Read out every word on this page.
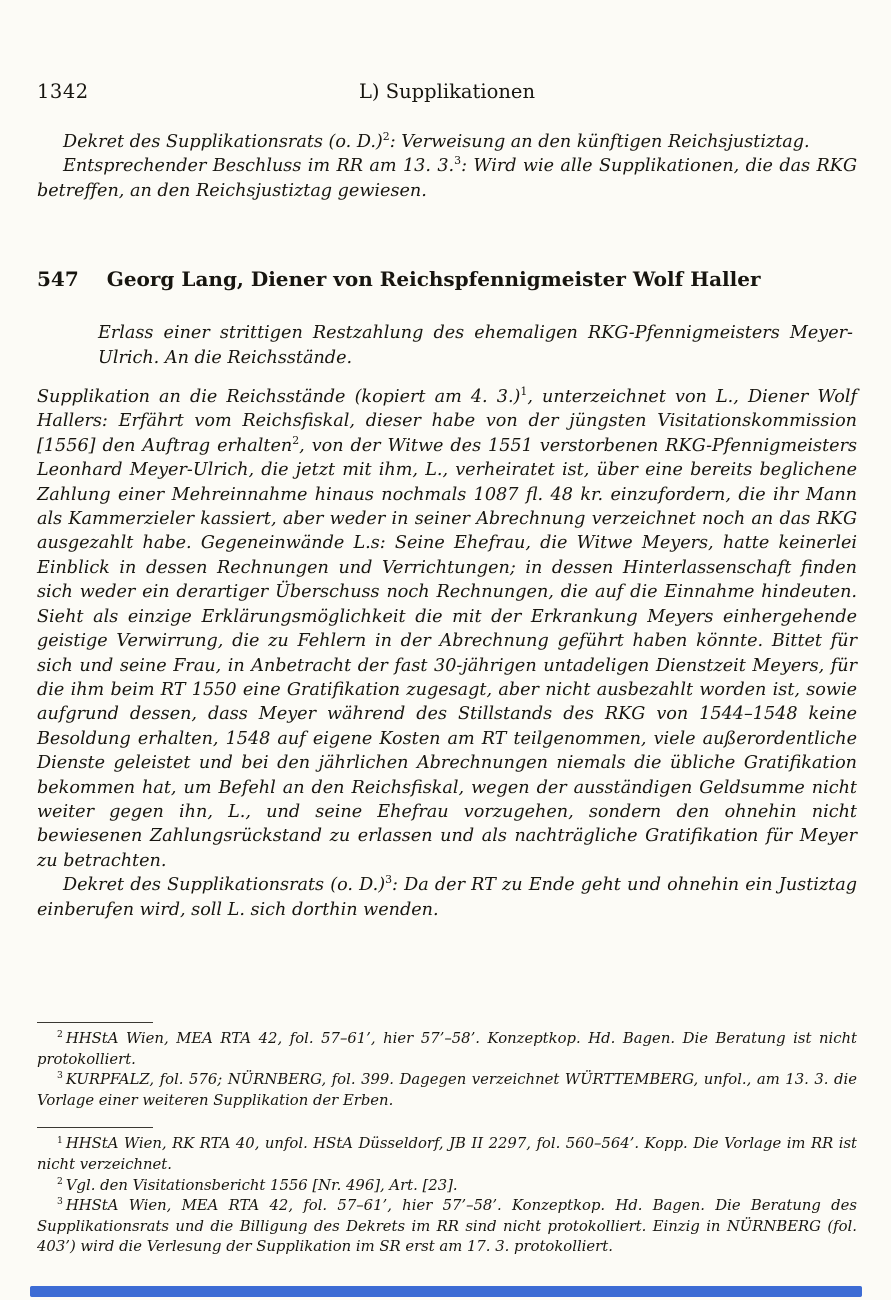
1342	L) Supplikationen

Dekret des Supplikationsrats (o. D.)$^2$: Verweisung an den künftigen Reichsjustiztag.

Entsprechender Beschluss im RR am 13. 3.$^3$: Wird wie alle Supplikationen, die das RKG betreffen, an den Reichsjustiztag gewiesen.

547 Georg Lang, Diener von Reichspfennigmeister Wolf Haller

Erlass einer strittigen Restzahlung des ehemaligen RKG-Pfennigmeisters Meyer-Ulrich. An die Reichsstände.

Supplikation an die Reichsstände (kopiert am 4. 3.)$^1$, unterzeichnet von L., Diener Wolf Hallers: Erfährt vom Reichsfiskal, dieser habe von der jüngsten Visitationskommission [1556] den Auftrag erhalten$^2$, von der Witwe des 1551 verstorbenen RKG-Pfennigmeisters Leonhard Meyer-Ulrich, die jetzt mit ihm, L., verheiratet ist, über eine bereits beglichene Zahlung einer Mehreinnahme hinaus nochmals 1087 fl. 48 kr. einzufordern, die ihr Mann als Kammerzieler kassiert, aber weder in seiner Abrechnung verzeichnet noch an das RKG ausgezahlt habe. Gegeneinwände L.s: Seine Ehefrau, die Witwe Meyers, hatte keinerlei Einblick in dessen Rechnungen und Verrichtungen; in dessen Hinterlassenschaft finden sich weder ein derartiger Überschuss noch Rechnungen, die auf die Einnahme hindeuten. Sieht als einzige Erklärungsmöglichkeit die mit der Erkrankung Meyers einhergehende geistige Verwirrung, die zu Fehlern in der Abrechnung geführt haben könnte. Bittet für sich und seine Frau, in Anbetracht der fast 30-jährigen untadeligen Dienstzeit Meyers, für die ihm beim RT 1550 eine Gratifikation zugesagt, aber nicht ausbezahlt worden ist, sowie aufgrund dessen, dass Meyer während des Stillstands des RKG von 1544–1548 keine Besoldung erhalten, 1548 auf eigene Kosten am RT teilgenommen, viele außerordentliche Dienste geleistet und bei den jährlichen Abrechnungen niemals die übliche Gratifikation bekommen hat, um Befehl an den Reichsfiskal, wegen der ausständigen Geldsumme nicht weiter gegen ihn, L., und seine Ehefrau vorzugehen, sondern den ohnehin nicht bewiesenen Zahlungsrückstand zu erlassen und als nachträgliche Gratifikation für Meyer zu betrachten.

Dekret des Supplikationsrats (o. D.)$^3$: Da der RT zu Ende geht und ohnehin ein Justiztag einberufen wird, soll L. sich dorthin wenden.

$^2$ HHStA Wien, MEA RTA 42, fol. 57–61’, hier 57’–58’. Konzeptkop. Hd. Bagen. Die Beratung ist nicht protokolliert.

$^3$ KURPFALZ, fol. 576; NÜRNBERG, fol. 399. Dagegen verzeichnet WÜRTTEMBERG, unfol., am 13. 3. die Vorlage einer weiteren Supplikation der Erben.

$^1$ HHStA Wien, RK RTA 40, unfol. HStA Düsseldorf, JB II 2297, fol. 560–564’. Kopp. Die Vorlage im RR ist nicht verzeichnet.

$^2$ Vgl. den Visitationsbericht 1556 [Nr. 496], Art. [23].

$^3$ HHStA Wien, MEA RTA 42, fol. 57–61’, hier 57’–58’. Konzeptkop. Hd. Bagen. Die Beratung des Supplikationsrats und die Billigung des Dekrets im RR sind nicht protokolliert. Einzig in NÜRNBERG (fol. 403’) wird die Verlesung der Supplikation im SR erst am 17. 3. protokolliert.
